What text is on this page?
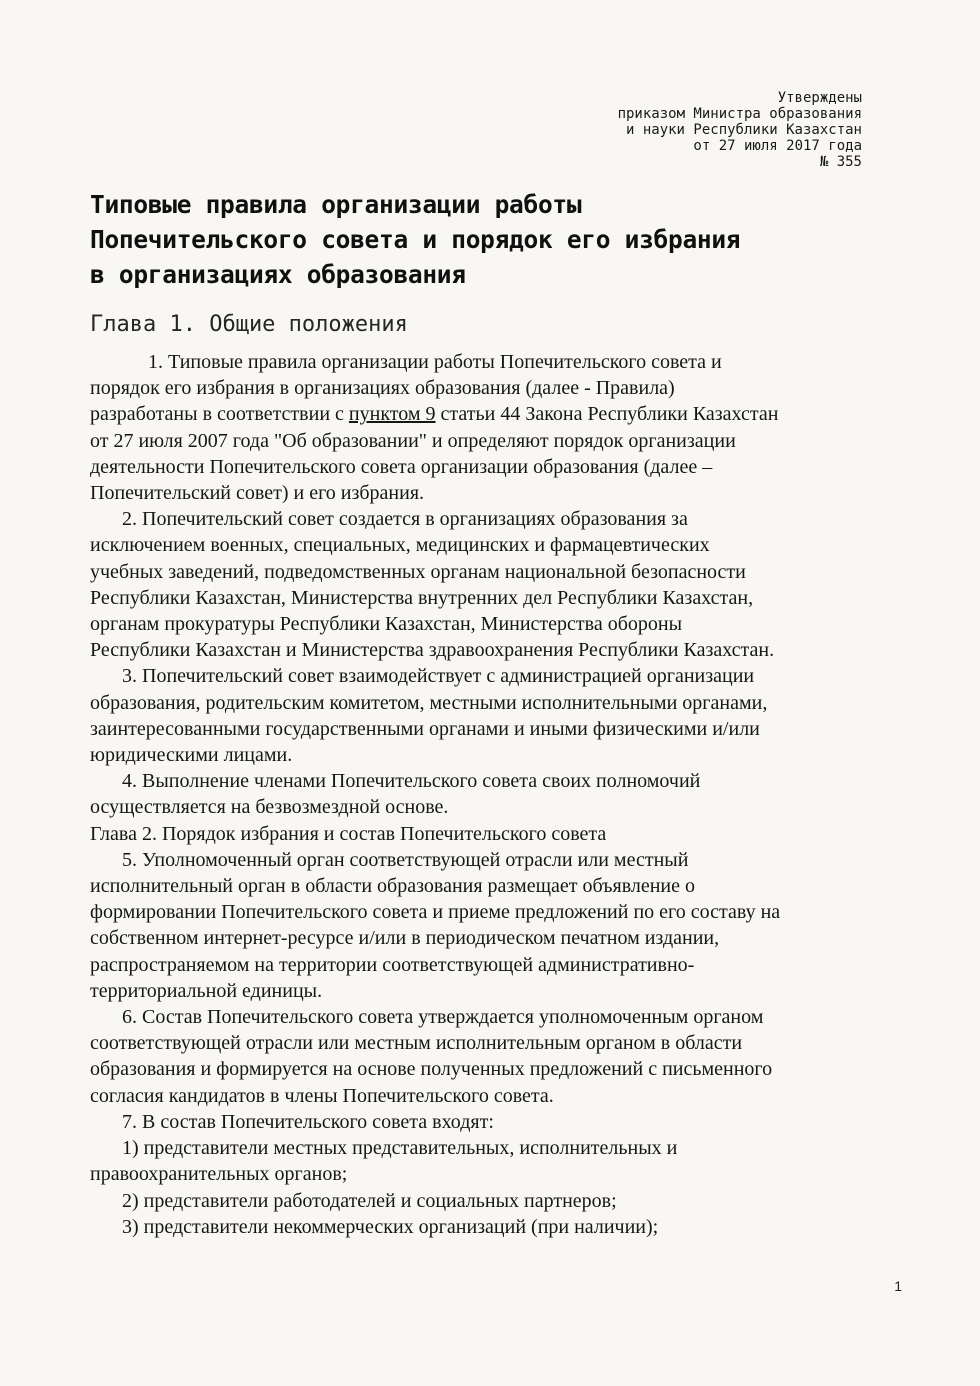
Утверждены
приказом Министра образования
и науки Республики Казахстан
от 27 июля 2017 года
№ 355
Типовые правила организации работы
Попечительского совета и порядок его избрания
в организациях образования
Глава 1. Общие положения
1. Типовые правила организации работы Попечительского совета и
порядок его избрания в организациях образования (далее - Правила)
разработаны в соответствии с пунктом 9 статьи 44 Закона Республики Казахстан
от 27 июля 2007 года "Об образовании" и определяют порядок организации
деятельности Попечительского совета организации образования (далее –
Попечительский совет) и его избрания.
2. Попечительский совет создается в организациях образования за
исключением военных, специальных, медицинских и фармацевтических
учебных заведений, подведомственных органам национальной безопасности
Республики Казахстан, Министерства внутренних дел Республики Казахстан,
органам прокуратуры Республики Казахстан, Министерства обороны
Республики Казахстан и Министерства здравоохранения Республики Казахстан.
3. Попечительский совет взаимодействует с администрацией организации
образования, родительским комитетом, местными исполнительными органами,
заинтересованными государственными органами и иными физическими и/или
юридическими лицами.
4. Выполнение членами Попечительского совета своих полномочий
осуществляется на безвозмездной основе.
Глава 2. Порядок избрания и состав Попечительского совета
5. Уполномоченный орган соответствующей отрасли или местный
исполнительный орган в области образования размещает объявление о
формировании Попечительского совета и приеме предложений по его составу на
собственном интернет-ресурсе и/или в периодическом печатном издании,
распространяемом на территории соответствующей административно-
территориальной единицы.
6. Состав Попечительского совета утверждается уполномоченным органом
соответствующей отрасли или местным исполнительным органом в области
образования и формируется на основе полученных предложений с письменного
согласия кандидатов в члены Попечительского совета.
7. В состав Попечительского совета входят:
1) представители местных представительных, исполнительных и
правоохранительных органов;
2) представители работодателей и социальных партнеров;
3) представители некоммерческих организаций (при наличии);
1
